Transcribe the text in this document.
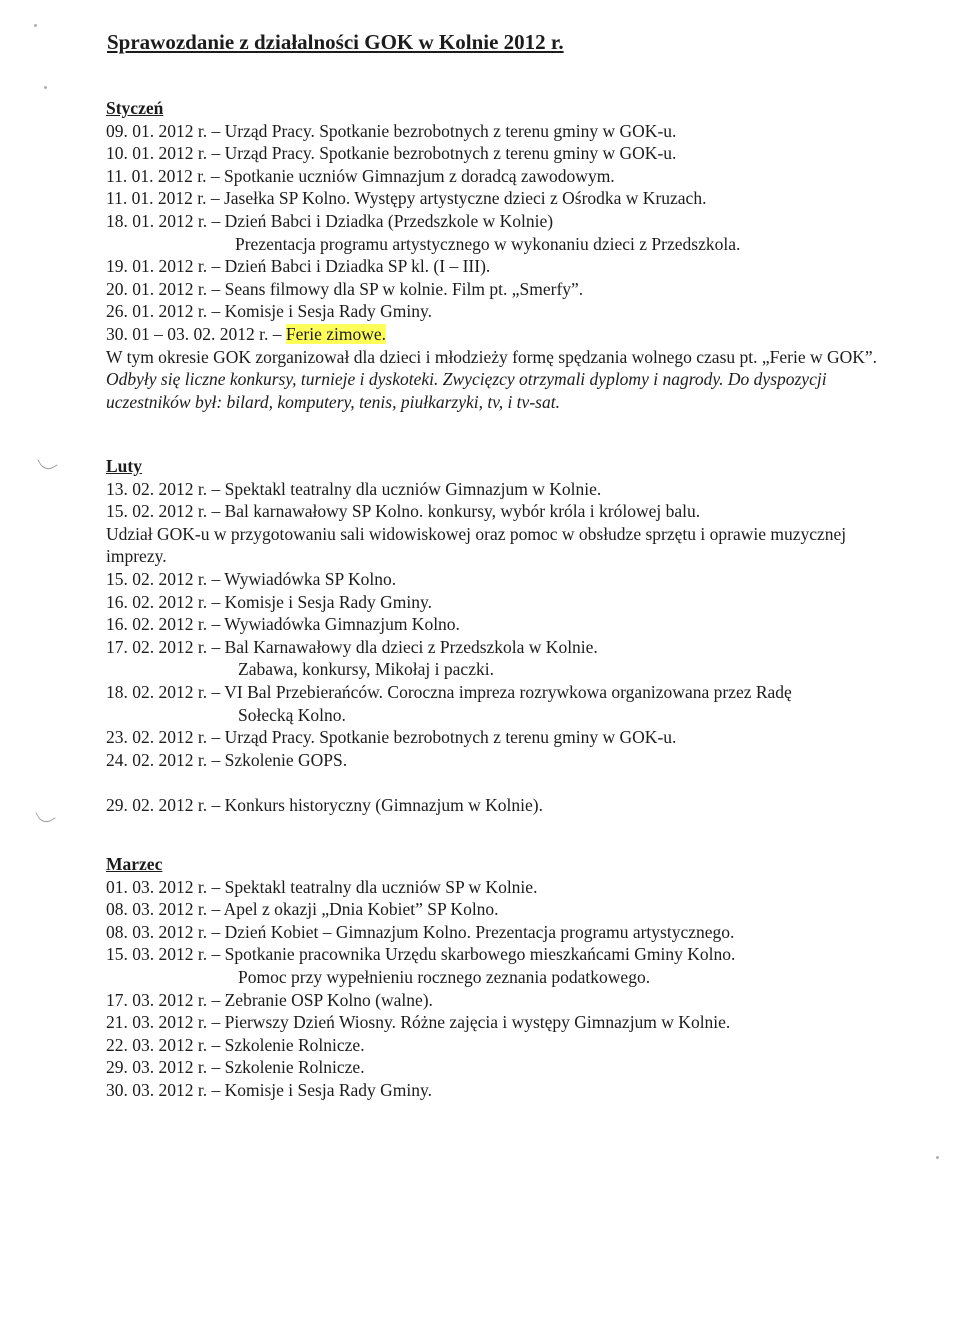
Sprawozdanie z działalności GOK w Kolnie 2012 r.
Styczeń
09. 01. 2012 r. – Urząd Pracy. Spotkanie bezrobotnych z terenu gminy w GOK-u.
10. 01. 2012 r. – Urząd Pracy. Spotkanie bezrobotnych z terenu gminy w GOK-u.
11. 01. 2012 r. – Spotkanie uczniów Gimnazjum z doradcą zawodowym.
11. 01. 2012 r. – Jasełka SP Kolno. Występy artystyczne dzieci z Ośrodka w Kruzach.
18. 01. 2012 r. – Dzień Babci i Dziadka (Przedszkole w Kolnie)
Prezentacja programu artystycznego w wykonaniu dzieci z Przedszkola.
19. 01. 2012 r. – Dzień Babci i Dziadka SP kl. (I – III).
20. 01. 2012 r. – Seans filmowy dla SP w kolnie. Film pt. „Smerfy”.
26. 01. 2012 r. – Komisje i Sesja Rady Gminy.
30. 01 – 03. 02. 2012 r. – Ferie zimowe.
W tym okresie GOK zorganizował dla dzieci i młodzieży formę spędzania wolnego czasu pt. „Ferie w GOK”. Odbyły się liczne konkursy, turnieje i dyskoteki. Zwycięzcy otrzymali dyplomy i nagrody. Do dyspozycji uczestników był: bilard, komputery, tenis, piułkarzyki, tv, i tv-sat.
Luty
13. 02. 2012 r. – Spektakl teatralny dla uczniów Gimnazjum w Kolnie.
15. 02. 2012 r. – Bal karnawałowy SP Kolno. konkursy, wybór króla i królowej balu.
Udział GOK-u w przygotowaniu sali widowiskowej oraz pomoc w obsłudze sprzętu i oprawie muzycznej imprezy.
15. 02. 2012 r. – Wywiadówka SP Kolno.
16. 02. 2012 r. – Komisje i Sesja Rady Gminy.
16. 02. 2012 r. – Wywiadówka Gimnazjum Kolno.
17. 02. 2012 r. – Bal Karnawałowy dla dzieci z Przedszkola w Kolnie.
Zabawa, konkursy, Mikołaj i paczki.
18. 02. 2012 r. – VI Bal Przebierańców. Coroczna impreza rozrywkowa organizowana przez Radę
Sołecką Kolno.
23. 02. 2012 r. – Urząd Pracy. Spotkanie bezrobotnych z terenu gminy w GOK-u.
24. 02. 2012 r. – Szkolenie GOPS.
29. 02. 2012 r. – Konkurs historyczny (Gimnazjum w Kolnie).
Marzec
01. 03. 2012 r. – Spektakl teatralny dla uczniów SP w Kolnie.
08. 03. 2012 r. – Apel z okazji „Dnia Kobiet” SP Kolno.
08. 03. 2012 r. – Dzień Kobiet – Gimnazjum Kolno. Prezentacja programu artystycznego.
15. 03. 2012 r. – Spotkanie pracownika Urzędu skarbowego mieszkańcami Gminy Kolno.
Pomoc przy wypełnieniu rocznego zeznania podatkowego.
17. 03. 2012 r. – Zebranie OSP Kolno (walne).
21. 03. 2012 r. – Pierwszy Dzień Wiosny. Różne zajęcia i występy Gimnazjum w Kolnie.
22. 03. 2012 r. – Szkolenie Rolnicze.
29. 03. 2012 r. – Szkolenie Rolnicze.
30. 03. 2012 r. – Komisje i Sesja Rady Gminy.
